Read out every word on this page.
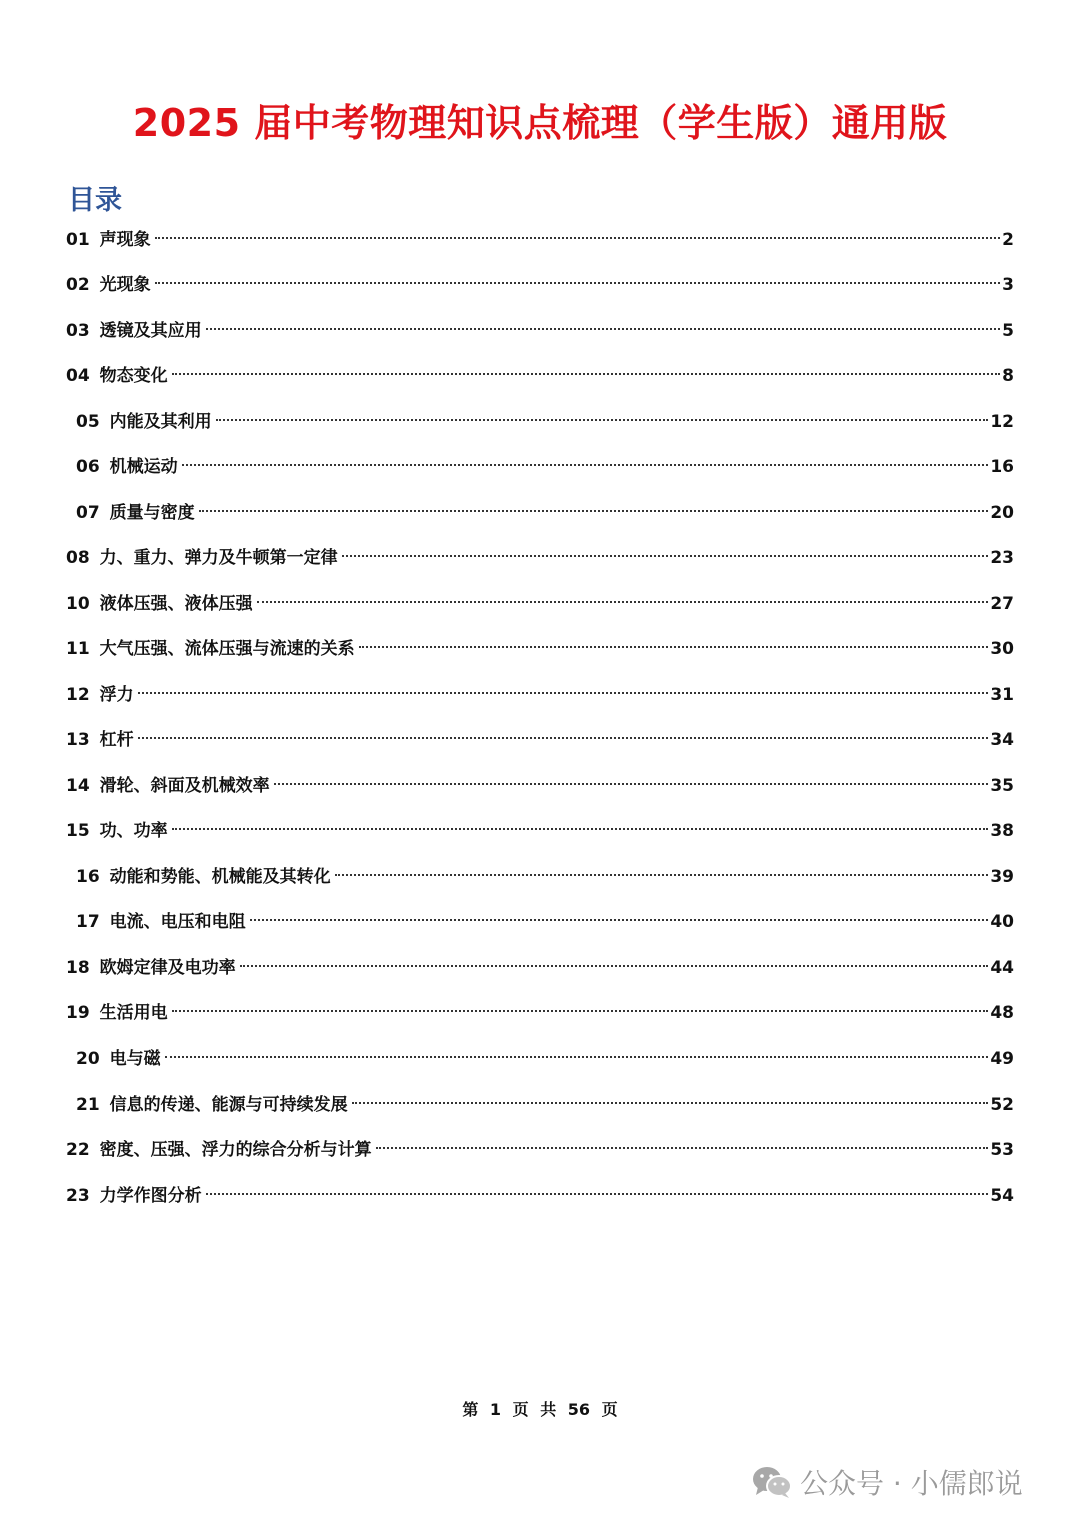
2025 届中考物理知识点梳理（学生版）通用版
目录
01 声现象	2
02 光现象	3
03 透镜及其应用	5
04 物态变化	8
05 内能及其利用	12
06 机械运动	16
07 质量与密度	20
08 力、重力、弹力及牛顿第一定律	23
10 液体压强、液体压强	27
11 大气压强、流体压强与流速的关系	30
12 浮力	31
13 杠杆	34
14 滑轮、斜面及机械效率	35
15 功、功率	38
16 动能和势能、机械能及其转化	39
17 电流、电压和电阻	40
18 欧姆定律及电功率	44
19 生活用电	48
20 电与磁	49
21 信息的传递、能源与可持续发展	52
22 密度、压强、浮力的综合分析与计算	53
23 力学作图分析	54
第 1 页 共 56 页
公众号 · 小儒郎说
